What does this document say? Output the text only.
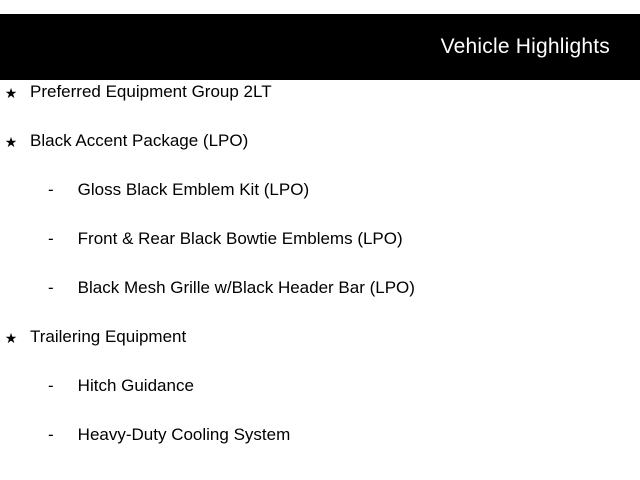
Vehicle Highlights
★ Preferred Equipment Group 2LT
★ Black Accent Package (LPO)
-	Gloss Black Emblem Kit (LPO)
-	Front & Rear Black Bowtie Emblems (LPO)
-	Black Mesh Grille w/Black Header Bar (LPO)
★ Trailering Equipment
-	Hitch Guidance
-	Heavy-Duty Cooling System
